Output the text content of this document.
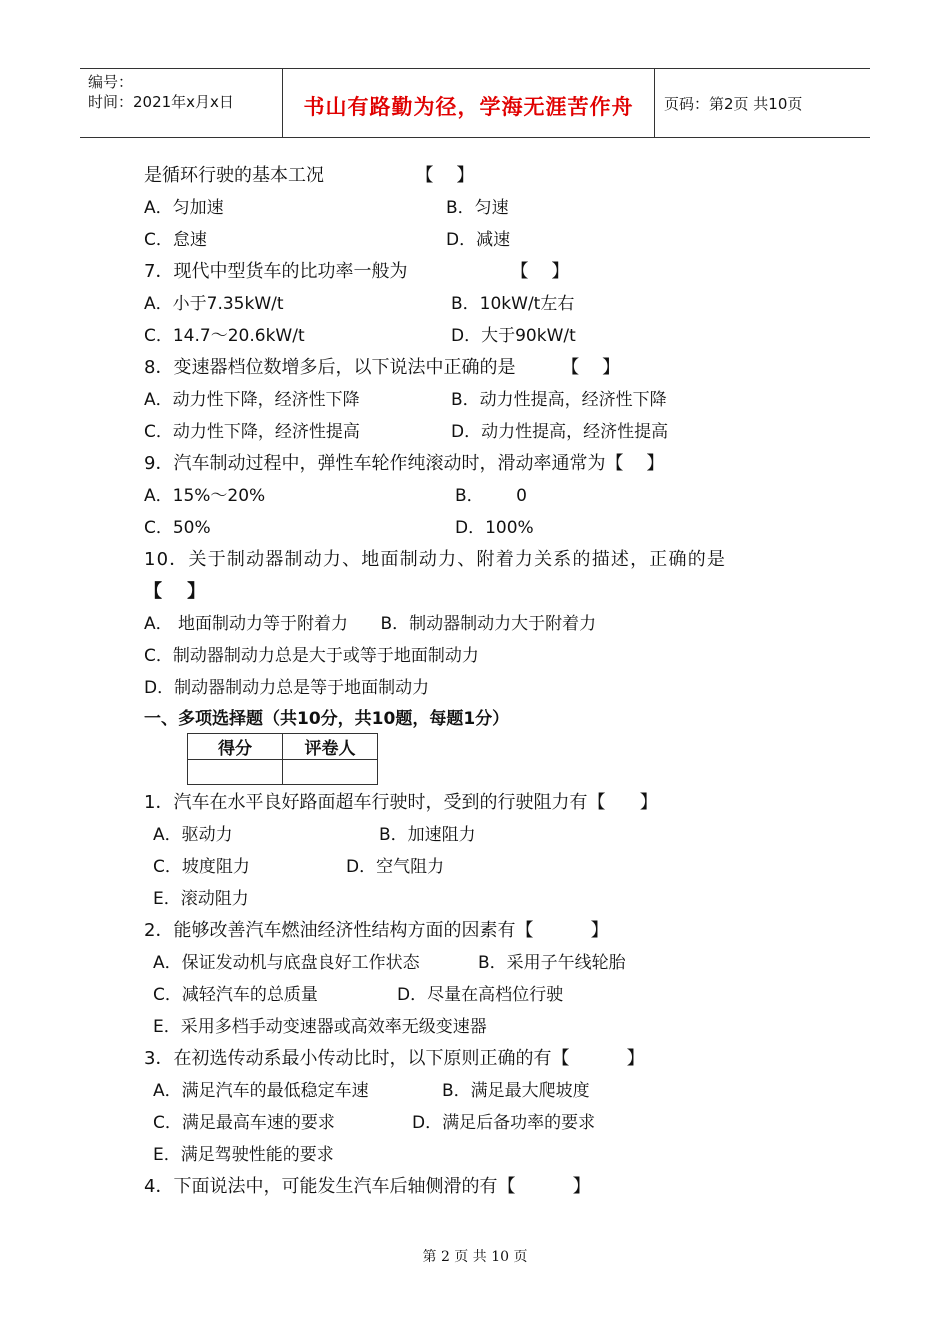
编号：
时间：2021年x月x日	书山有路勤为径，学海无涯苦作舟	页码：第2页 共10页
是循环行驶的基本工况                【    】
A．匀加速	B．匀速
C．怠速	D．减速
7．现代中型货车的比功率一般为                  【    】
A．小于7.35kW/t	B．10kW/t左右
C．14.7～20.6kW/t	D．大于90kW/t
8．变速器档位数增多后，以下说法中正确的是        【    】
A．动力性下降，经济性下降	B．动力性提高，经济性下降
C．动力性下降，经济性提高	D．动力性提高，经济性提高
9．汽车制动过程中，弹性车轮作纯滚动时，滑动率通常为【    】
A．15%～20%	B．      0
C．50%	D．100%
10．关于制动器制动力、地面制动力、附着力关系的描述，正确的是
【    】
A． 地面制动力等于附着力      B．制动器制动力大于附着力
C．制动器制动力总是大于或等于地面制动力
D．制动器制动力总是等于地面制动力
一、多项选择题（共10分，共10题，每题1分）
得分	评卷人

1．汽车在水平良好路面超车行驶时，受到的行驶阻力有【      】
A．驱动力	B．加速阻力
C．坡度阻力	D．空气阻力
E．滚动阻力
2．能够改善汽车燃油经济性结构方面的因素有【          】
A．保证发动机与底盘良好工作状态	B．采用子午线轮胎
C．减轻汽车的总质量	D．尽量在高档位行驶
E．采用多档手动变速器或高效率无级变速器
3．在初选传动系最小传动比时，以下原则正确的有【          】
A．满足汽车的最低稳定车速	B．满足最大爬坡度
C．满足最高车速的要求	D．满足后备功率的要求
E．满足驾驶性能的要求
4．下面说法中，可能发生汽车后轴侧滑的有【          】
第 2 页 共 10 页
